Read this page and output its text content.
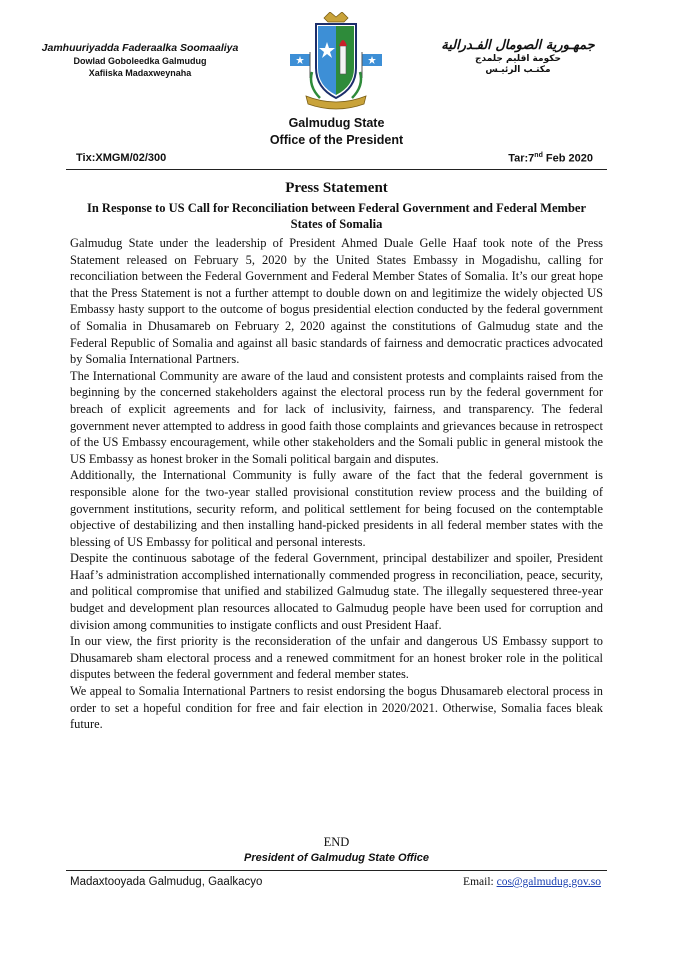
Jamhuuriyadda Faderaalka Soomaaliya
Dowlad Goboleedka Galmudug
Xafiiska Madaxweynaha
جمهـورية الصومال الفـدرالية
حكومة اقليم جلمدج
مكتـب الرئيـس
Galmudug State
Office of the President
Tix:XMGM/02/300	Tar:7nd Feb 2020
Press Statement
In Response to US Call for Reconciliation between Federal Government and Federal Member States of Somalia

Galmudug State under the leadership of President Ahmed Duale Gelle Haaf took note of the Press Statement released on February 5, 2020 by the United States Embassy in Mogadishu, calling for reconciliation between the Federal Government and Federal Member States of Somalia. It’s our great hope that the Press Statement is not a further attempt to double down on and legitimize the widely objected US Embassy hasty support to the outcome of bogus presidential election conducted by the federal government of Somalia in Dhusamareb on February 2, 2020 against the constitutions of Galmudug state and the Federal Republic of Somalia and against all basic standards of fairness and democratic practices advocated by Somalia International Partners.

The International Community are aware of the laud and consistent protests and complaints raised from the beginning by the concerned stakeholders against the electoral process run by the federal government for breach of explicit agreements and for lack of inclusivity, fairness, and transparency. The federal government never attempted to address in good faith those complaints and grievances because in retrospect of the US Embassy encouragement, while other stakeholders and the Somali public in general mistook the US Embassy as honest broker in the Somali political bargain and disputes.

Additionally, the International Community is fully aware of the fact that the federal government is responsible alone for the two-year stalled provisional constitution review process and the building of government institutions, security reform, and political settlement for being focused on the contemptable objective of destabilizing and then installing hand-picked presidents in all federal member states with the blessing of US Embassy for political and personal interests.

Despite the continuous sabotage of the federal Government, principal destabilizer and spoiler, President Haaf’s administration accomplished internationally commended progress in reconciliation, peace, security, and political compromise that unified and stabilized Galmudug state. The illegally sequestered three-year budget and development plan resources allocated to Galmudug people have been used for corruption and division among communities to instigate conflicts and oust President Haaf.

In our view, the first priority is the reconsideration of the unfair and dangerous US Embassy support to Dhusamareb sham electoral process and a renewed commitment for an honest broker role in the political disputes between the federal government and federal member states.

We appeal to Somalia International Partners to resist endorsing the bogus Dhusamareb electoral process in order to set a hopeful condition for free and fair election in 2020/2021. Otherwise, Somalia faces bleak future.

END
President of Galmudug State Office
Madaxtooyada Galmudug, Gaalkacyo	Email: cos@galmudug.gov.so
